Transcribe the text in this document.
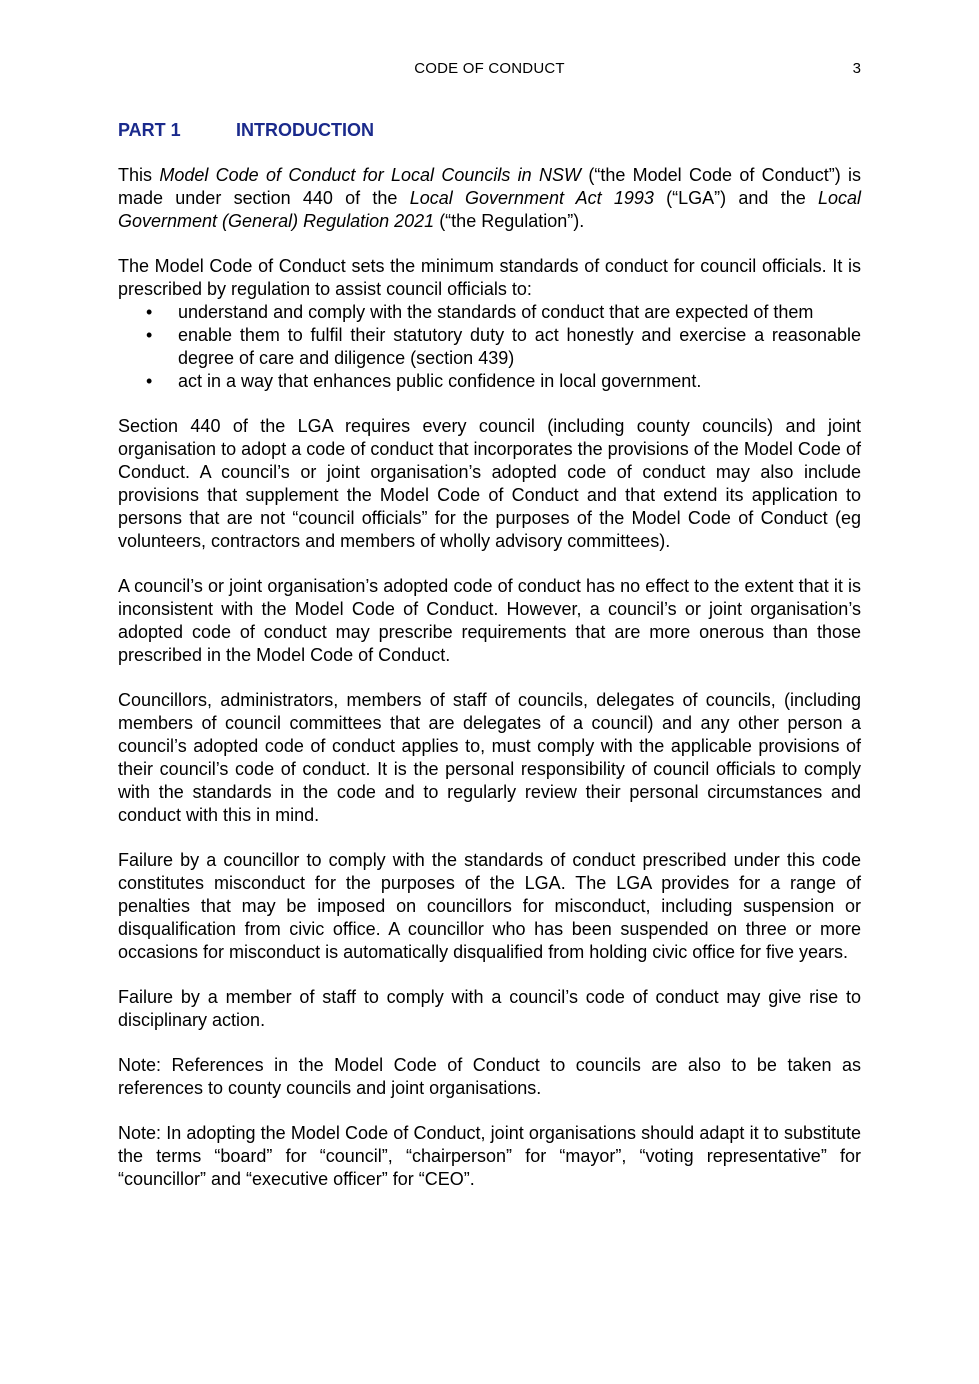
CODE OF CONDUCT	3
PART 1	INTRODUCTION

This Model Code of Conduct for Local Councils in NSW (“the Model Code of Conduct”) is made under section 440 of the Local Government Act 1993 (“LGA”) and the Local Government (General) Regulation 2021 (“the Regulation”).

The Model Code of Conduct sets the minimum standards of conduct for council officials. It is prescribed by regulation to assist council officials to:

• understand and comply with the standards of conduct that are expected of them
• enable them to fulfil their statutory duty to act honestly and exercise a reasonable degree of care and diligence (section 439)
• act in a way that enhances public confidence in local government.

Section 440 of the LGA requires every council (including county councils) and joint organisation to adopt a code of conduct that incorporates the provisions of the Model Code of Conduct. A council’s or joint organisation’s adopted code of conduct may also include provisions that supplement the Model Code of Conduct and that extend its application to persons that are not “council officials” for the purposes of the Model Code of Conduct (eg volunteers, contractors and members of wholly advisory committees).

A council’s or joint organisation’s adopted code of conduct has no effect to the extent that it is inconsistent with the Model Code of Conduct. However, a council’s or joint organisation’s adopted code of conduct may prescribe requirements that are more onerous than those prescribed in the Model Code of Conduct.

Councillors, administrators, members of staff of councils, delegates of councils, (including members of council committees that are delegates of a council) and any other person a council’s adopted code of conduct applies to, must comply with the applicable provisions of their council’s code of conduct. It is the personal responsibility of council officials to comply with the standards in the code and to regularly review their personal circumstances and conduct with this in mind.

Failure by a councillor to comply with the standards of conduct prescribed under this code constitutes misconduct for the purposes of the LGA. The LGA provides for a range of penalties that may be imposed on councillors for misconduct, including suspension or disqualification from civic office. A councillor who has been suspended on three or more occasions for misconduct is automatically disqualified from holding civic office for five years.

Failure by a member of staff to comply with a council’s code of conduct may give rise to disciplinary action.

Note: References in the Model Code of Conduct to councils are also to be taken as references to county councils and joint organisations.

Note: In adopting the Model Code of Conduct, joint organisations should adapt it to substitute the terms “board” for “council”, “chairperson” for “mayor”, “voting representative” for “councillor” and “executive officer” for “CEO”.
